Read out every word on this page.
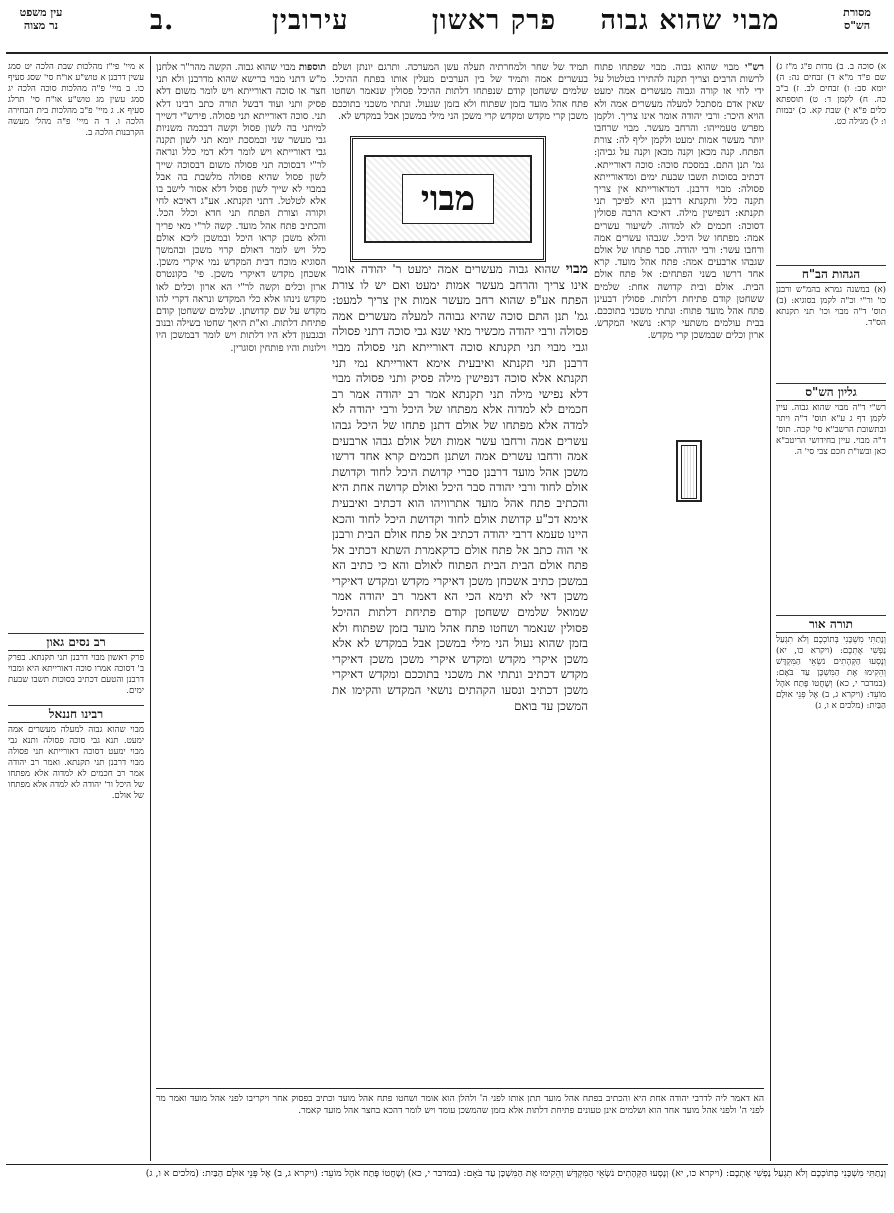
עין משפט
נר מצוה	ב.	עירובין	פרק ראשון	מבוי שהוא גבוה	מסורת
הש"ס

א מיי' פי"ז מהלכות שבת הלכה יט סמג עשין דרבנן א טוש"ע או"ח סי' שסג סעיף כו. ב מיי' פ"ה מהלכות סוכה הלכה יג סמג עשין מג טוש"ע או"ח סי' תרלג סעיף א. ג מיי' פ"ב מהלכות בית הבחירה הלכה ו. ד ה מיי' פ"ה מהל' מעשה הקרבנות הלכה ב.

רב נסים גאון

פרק ראשון מבוי דרבנן תני תקנתא. בפרק ב' דסוכה אמרו סוכה דאורייתא היא ומבוי דרבנן והטעם דכתיב בסוכות תשבו שבעת ימים.

רבינו חננאל

מבוי שהוא גבוה למעלה מעשרים אמה ימעט. תנא גבי סוכה פסולה ותנא גבי מבוי ימעט דסוכה דאורייתא תני פסולה מבוי דרבנן תני תקנתא. ואמר רב יהודה אמר רב חכמים לא למדוה אלא מפתחו של היכל ור' יהודה לא למדה אלא מפתחו של אולם.

תוספות מבוי שהוא גבוה. הקשה מהר"ר אלחנן מ"ש דתני מבוי ברישא שהוא מדרבנן ולא תני חצר או סוכה דאורייתא ויש לומר משום דלא פסיק ותני ועוד דבשל תורה כתב רבינו דלא תני. סוכה דאורייתא תני פסולה. פירש"י דשייך למיתני בה לשון פסול וקשה דבכמה משניות גבי מעשר שני ובמסכת יומא תני לשון תקנה גבי דאורייתא ויש לומר דלא דמי כלל ונראה לר"י דבסוכה תני פסולה משום דבסוכה שייך לשון פסול שהיא פסולה מלשבת בה אבל במבוי לא שייך לשון פסול דלא אסור לישב בו אלא לטלטל. דתני תקנתא. אע"ג דאיכא לחי וקורה וצורת הפתח תני חדא וכלל הכל. והכתיב פתח אהל מועד. קשה לר"י מאי פריך והלא משכן קראו היכל ובמשכן ליכא אולם כלל ויש לומר דאולם קרוי משכן ובהמשך הסוגיא מוכח דבית המקדש נמי איקרי משכן. אשכחן מקדש דאיקרי משכן. פי' בקונטרס ארון וכלים וקשה לר"י הא ארון וכלים לאו מקדש נינהו אלא כלי המקדש ונראה דקרי להו מקדש על שם קדושתן. שלמים ששחטן קודם פתיחת דלתות. וא"ת היאך שחטו בשילה ובנוב ובגבעון דלא היו דלתות ויש לומר דבמשכן היו וילונות והיו פותחין וסוגרין.

רש"י מבוי שהוא גבוה. מבוי שפתחו פתוח לרשות הרבים וצריך תקנה להתירו בטלטול על ידי לחי או קורה וגבוה מעשרים אמה ימעט שאין אדם מסתכל למעלה מעשרים אמה ולא הויא היכר: ורבי יהודה אומר אינו צריך. ולקמן מפרש טעמייהו: והרחב מעשר. מבוי שרחבו יותר מעשר אמות ימעט ולקמן יליף לה: צורת הפתח. קנה מכאן וקנה מכאן וקנה על גביהן: גמ' תנן התם. במסכת סוכה: סוכה דאורייתא. דכתיב בסוכות תשבו שבעת ימים ומדאורייתא פסולה: מבוי דרבנן. דמדאורייתא אין צריך תקנה כלל ותקנתא דרבנן היא לפיכך תני תקנתא: דנפישין מילה. דאיכא הרבה פסולין דסוכה: חכמים לא למדוה. לשיעור עשרים אמה: מפתחו של היכל. שגבהו עשרים אמה ורחבו עשר: ורבי יהודה. סבר פתחו של אולם שגבהו ארבעים אמה: פתח אהל מועד. קרא אחד דרשו בשני הפתחים: אל פתח אולם הבית. אולם ובית קדושה אחת: שלמים ששחטן קודם פתיחת דלתות. פסולין דבעינן פתח אהל מועד פתוח: ונתתי משכני בתוככם. בבית עולמים משתעי קרא: נושאי המקדש. ארון וכלים שבמשכן קרי מקדש.

תמיד של שחר ולמחרתיה תעלה עשן המערכה. ותרגם יונתן ושלם בעשרים אמה ותמיד של בין הערבים מעלין אותו בפתח ההיכל. שלמים ששחטן קודם שנפתחו דלתות ההיכל פסולין שנאמר ושחטו פתח אהל מועד בזמן שפתוח ולא בזמן שנעול. ונתתי משכני בתוככם משכן קרי מקדש ומקדש קרי משכן הני מילי במשכן אבל במקדש לא.

מבוי

מבוי שהוא גבוה מעשרים אמה ימעט ר' יהודה אומר אינו צריך והרחב מעשר אמות ימעט ואם יש לו צורת הפתח אע"פ שהוא רחב מעשר אמות אין צריך למעט: גמ' תנן התם סוכה שהיא גבוהה למעלה מעשרים אמה פסולה ורבי יהודה מכשיר מאי שנא גבי סוכה דתני פסולה וגבי מבוי תני תקנתא סוכה דאורייתא תני פסולה מבוי דרבנן תני תקנתא ואיבעית אימא דאורייתא נמי תני תקנתא אלא סוכה דנפישין מילה פסיק ותני פסולה מבוי דלא נפישי מילה תני תקנתא אמר רב יהודה אמר רב חכמים לא למדוה אלא מפתחו של היכל ורבי יהודה לא למדה אלא מפתחו של אולם דתנן פתחו של היכל גבהו עשרים אמה ורחבו עשר אמות ושל אולם גבהו ארבעים אמה ורחבו עשרים אמה ושתנן חכמים קרא אחד דרשו משכן אהל מועד דרבנן סברי קדושת היכל לחוד וקדושת אולם לחוד ורבי יהודה סבר היכל ואולם קדושה אחת היא והכתיב פתח אהל מועד אתרוויהו הוא דכתיב ואיבעית אימא דכ"ע קדושת אולם לחוד וקדושת היכל לחוד והכא היינו טעמא דרבי יהודה דכתיב אל פתח אולם הבית ורבנן אי הוה כתב אל פתח אולם כדקאמרת השתא דכתיב אל פתח אולם הבית הבית הפתוח לאולם והא כי כתיב הא במשכן כתיב אשכחן משכן דאיקרי מקדש ומקדש דאיקרי משכן דאי לא תימא הכי הא דאמר רב יהודה אמר שמואל שלמים ששחטן קודם פתיחת דלתות ההיכל פסולין שנאמר ושחטו פתח אהל מועד בזמן שפתוח ולא בזמן שהוא נעול הני מילי במשכן אבל במקדש לא אלא משכן איקרי מקדש ומקדש איקרי משכן משכן דאיקרי מקדש דכתיב ונתתי את משכני בתוככם ומקדש דאיקרי משכן דכתיב ונסעו הקהתים נושאי המקדש והקימו את המשכן עד בואם

א) סוכה ב. ב) מדות פ"ג מ"ז ג) שם פ"ד מ"א ד) זבחים נה: ה) יומא סב: ו) זבחים לב. ז) ב"ב כה. ח) לקמן ד: ט) תוספתא כלים פ"א י) שבת קא. כ) יבמות ו: ל) מגילה כט.

הגהות הב"ח

(א) במשנה גמרא בהמ"ש ורבנן כו' ור"י וכ"ה לקמן בסוגיא: (ב) תוס' ד"ה מבוי וכו' תני תקנתא הס"ד.

גליון הש"ס

רש"י ד"ה מבוי שהוא גבוה. עיין לקמן דף ג ע"א תוס' ד"ה ויתר ובתשובת הרשב"א סי' קכה. תוס' ד"ה מבוי. עיין בחידושי הריטב"א כאן ובשו"ת חכם צבי סי' ה.

תורה אור

וְנָתַתִּי מִשְׁכָּנִי בְּתוֹכְכֶם וְלֹא תִגְעַל נַפְשִׁי אֶתְכֶם: (ויקרא כו, יא) וְנָסְעוּ הַקְּהָתִים נֹשְׂאֵי הַמִּקְדָּשׁ וְהֵקִימוּ אֶת הַמִּשְׁכָּן עַד בֹּאָם: (במדבר י, כא) וְשָׁחֲטוֹ פֶּתַח אֹהֶל מוֹעֵד: (ויקרא ג, ב) אֶל פְּנֵי אוּלָם הַבַּיִת: (מלכים א ו, ג)

הא דאמר ליה לדרבי יהודה אחת היא והכתיב בפתח אהל מועד תתן אותו לפני ה' ולהלן הוא אומר ושחטו פתח אהל מועד וכתיב בפסוק אחר ויקריבו לפני אהל מועד ואמר מר לפני ה' ולפני אהל מועד אחד הוא ושלמים אינן טעונים פתיחת דלתות אלא בזמן שהמשכן עומד ויש לומר דהכא בחצר אהל מועד קאמר.

וְנָתַתִּי מִשְׁכָּנִי בְּתוֹכְכֶם וְלֹא תִגְעַל נַפְשִׁי אֶתְכֶם: (ויקרא כו, יא) וְנָסְעוּ הַקְּהָתִים נֹשְׂאֵי הַמִּקְדָּשׁ וְהֵקִימוּ אֶת הַמִּשְׁכָּן עַד בֹּאָם: (במדבר י, כא) וְשָׁחֲטוֹ פֶּתַח אֹהֶל מוֹעֵד: (ויקרא ג, ב) אֶל פְּנֵי אוּלָם הַבַּיִת: (מלכים א ו, ג)
